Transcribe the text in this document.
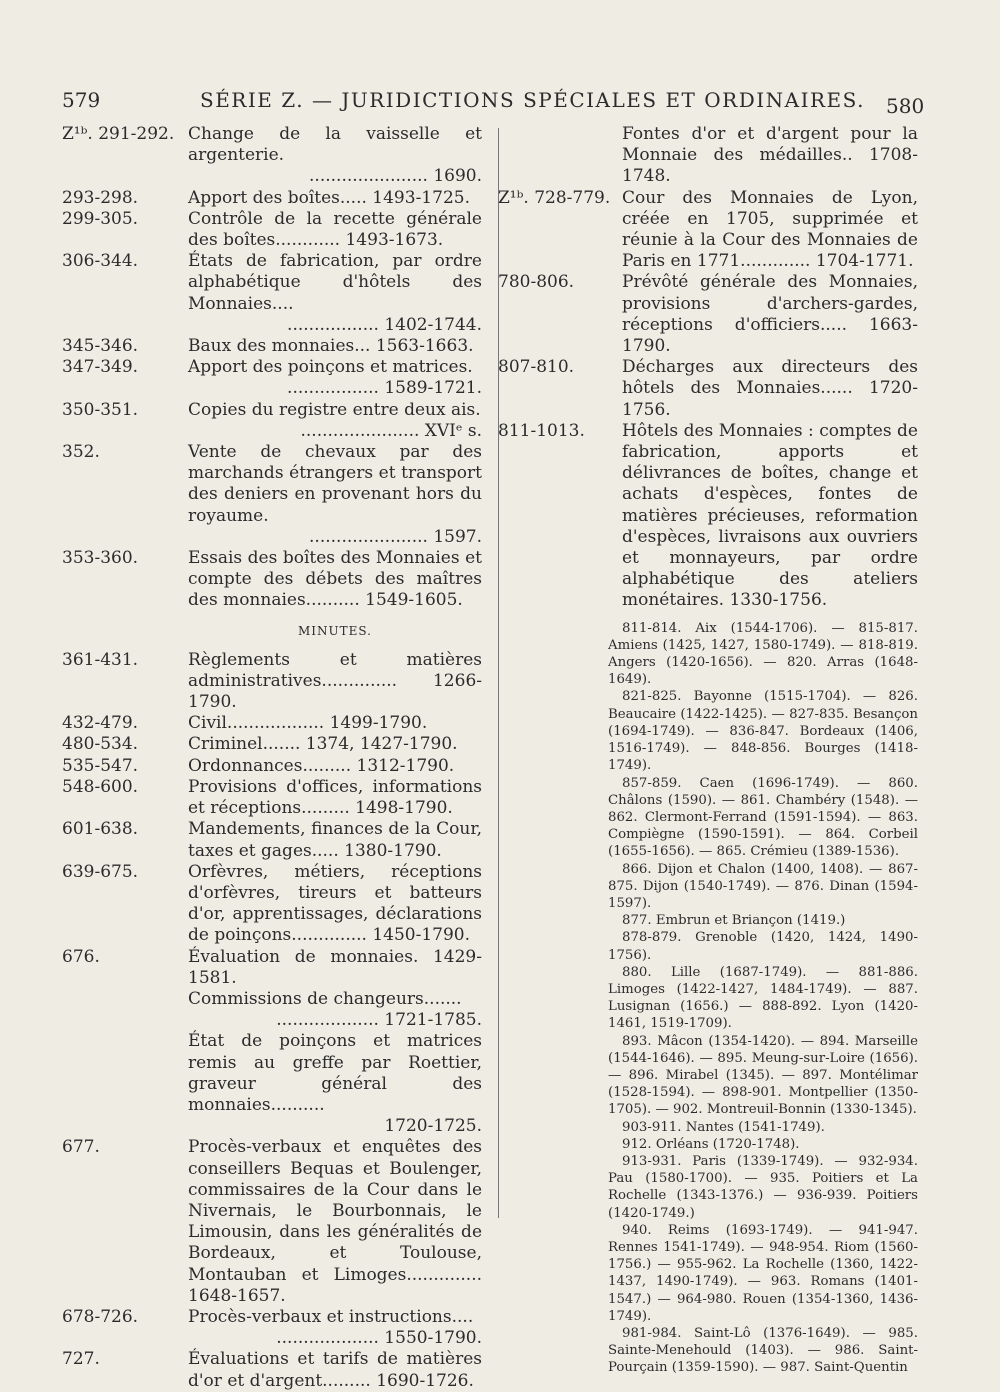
579	SÉRIE Z. — JURIDICTIONS SPÉCIALES ET ORDINAIRES. 580
Z¹ᵇ. 291-292. Change de la vaisselle et argenterie.
...................... 1690.
293-298.	Apport des boîtes..... 1493-1725.
299-305.	Contrôle de la recette générale des boîtes............ 1493-1673.
306-344.	États de fabrication, par ordre alphabétique d'hôtels des Monnaies....
................. 1402-1744.
345-346.	Baux des monnaies... 1563-1663.
347-349.	Apport des poinçons et matrices.
................. 1589-1721.
350-351.	Copies du registre entre deux ais.
...................... XVIᵉ s.
352.	Vente de chevaux par des marchands étrangers et transport des deniers en provenant hors du royaume.
...................... 1597.
353-360.	Essais des boîtes des Monnaies et compte des débets des maîtres des monnaies.......... 1549-1605.
MINUTES.
361-431.	Règlements et matières administratives.............. 1266-1790.
432-479.	Civil.................. 1499-1790.
480-534.	Criminel....... 1374, 1427-1790.
535-547.	Ordonnances......... 1312-1790.
548-600.	Provisions d'offices, informations et réceptions......... 1498-1790.
601-638.	Mandements, finances de la Cour, taxes et gages..... 1380-1790.
639-675.	Orfèvres, métiers, réceptions d'orfèvres, tireurs et batteurs d'or, apprentissages, déclarations de poinçons.............. 1450-1790.
676.	Évaluation de monnaies. 1429-1581.
Commissions de changeurs.......
................... 1721-1785.
État de poinçons et matrices remis au greffe par Roettier, graveur général des monnaies..........
1720-1725.
677.	Procès-verbaux et enquêtes des conseillers Bequas et Boulenger, commissaires de la Cour dans le Nivernais, le Bourbonnais, le Limousin, dans les généralités de Bordeaux, et Toulouse, Montauban et Limoges.............. 1648-1657.
678-726.	Procès-verbaux et instructions....
................... 1550-1790.
727.	Évaluations et tarifs de matières d'or et d'argent......... 1690-1726.
Fontes d'or et d'argent pour la Monnaie des médailles.. 1708-1748.
Z¹ᵇ. 728-779. Cour des Monnaies de Lyon, créée en 1705, supprimée et réunie à la Cour des Monnaies de Paris en 1771............. 1704-1771.
780-806.	Prévôté générale des Monnaies, provisions d'archers-gardes, réceptions d'officiers..... 1663-1790.
807-810.	Décharges aux directeurs des hôtels des Monnaies...... 1720-1756.
811-1013.	Hôtels des Monnaies : comptes de fabrication, apports et délivrances de boîtes, change et achats d'espèces, fontes de matières précieuses, reformation d'espèces, livraisons aux ouvriers et monnayeurs, par ordre alphabétique des ateliers monétaires. 1330-1756.

811-814. Aix (1544-1706). — 815-817. Amiens (1425, 1427, 1580-1749). — 818-819. Angers (1420-1656). — 820. Arras (1648-1649).

821-825. Bayonne (1515-1704). — 826. Beaucaire (1422-1425). — 827-835. Besançon (1694-1749). — 836-847. Bordeaux (1406, 1516-1749). — 848-856. Bourges (1418-1749).

857-859. Caen (1696-1749). — 860. Châlons (1590). — 861. Chambéry (1548). — 862. Clermont-Ferrand (1591-1594). — 863. Compiègne (1590-1591). — 864. Corbeil (1655-1656). — 865. Crémieu (1389-1536).

866. Dijon et Chalon (1400, 1408). — 867-875. Dijon (1540-1749). — 876. Dinan (1594-1597).

877. Embrun et Briançon (1419.)

878-879. Grenoble (1420, 1424, 1490-1756).

880. Lille (1687-1749). — 881-886. Limoges (1422-1427, 1484-1749). — 887. Lusignan (1656.) — 888-892. Lyon (1420-1461, 1519-1709).

893. Mâcon (1354-1420). — 894. Marseille (1544-1646). — 895. Meung-sur-Loire (1656). — 896. Mirabel (1345). — 897. Montélimar (1528-1594). — 898-901. Montpellier (1350-1705). — 902. Montreuil-Bonnin (1330-1345).

903-911. Nantes (1541-1749).

912. Orléans (1720-1748).

913-931. Paris (1339-1749). — 932-934. Pau (1580-1700). — 935. Poitiers et La Rochelle (1343-1376.) — 936-939. Poitiers (1420-1749.)

940. Reims (1693-1749). — 941-947. Rennes 1541-1749). — 948-954. Riom (1560-1756.) — 955-962. La Rochelle (1360, 1422-1437, 1490-1749). — 963. Romans (1401-1547.) — 964-980. Rouen (1354-1360, 1436-1749).

981-984. Saint-Lô (1376-1649). — 985. Sainte-Menehould (1403). — 986. Saint-Pourçain (1359-1590). — 987. Saint-Quentin
